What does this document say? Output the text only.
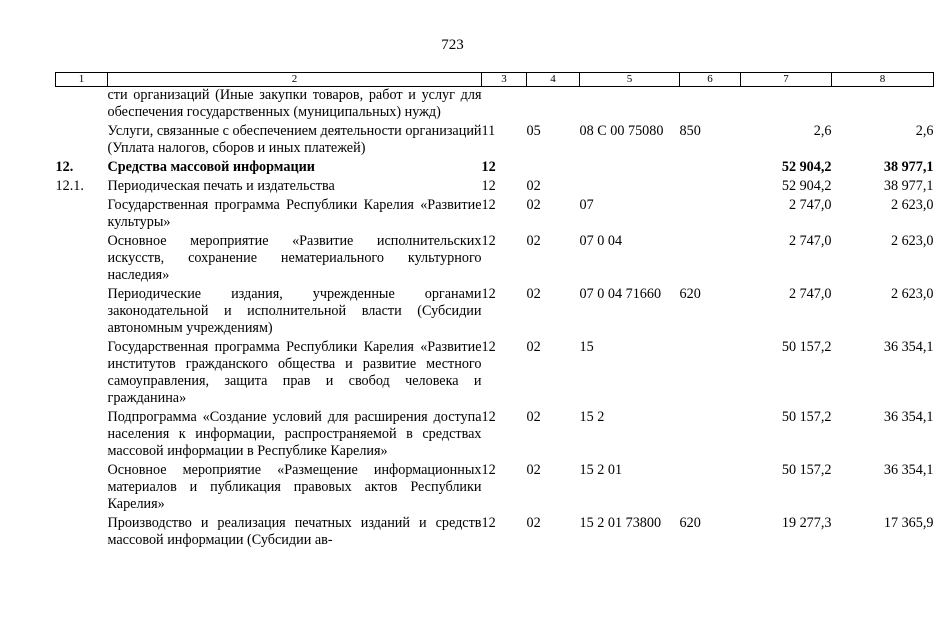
723
1	2	3	4	5	6	7	8
	сти организаций (Иные закупки товаров, работ и услуг для обеспечения государственных (муниципальных) нужд)						
	Услуги, связанные с обеспечением деятельности организаций (Уплата налогов, сборов и иных платежей)	11	05	08 С 00 75080	850	2,6	2,6
12.	Средства массовой информации	12				52 904,2	38 977,1
12.1.	Периодическая печать и издательства	12	02			52 904,2	38 977,1
	Государственная программа Республики Карелия «Развитие культуры»	12	02	07		2 747,0	2 623,0
	Основное мероприятие «Развитие исполнительских искусств, сохранение нематериального культурного наследия»	12	02	07 0 04		2 747,0	2 623,0
	Периодические издания, учрежденные органами законодательной и исполнительной власти (Субсидии автономным учреждениям)	12	02	07 0 04 71660	620	2 747,0	2 623,0
	Государственная программа Республики Карелия «Развитие институтов гражданского общества и развитие местного самоуправления, защита прав и свобод человека и гражданина»	12	02	15		50 157,2	36 354,1
	Подпрограмма «Создание условий для расширения доступа населения к информации, распространяемой в средствах массовой информации в Республике Карелия»	12	02	15 2		50 157,2	36 354,1
	Основное мероприятие «Размещение информационных материалов и публикация правовых актов Республики Карелия»	12	02	15 2 01		50 157,2	36 354,1
	Производство и реализация печатных изданий и средств массовой информации (Субсидии ав-	12	02	15 2 01 73800	620	19 277,3	17 365,9
